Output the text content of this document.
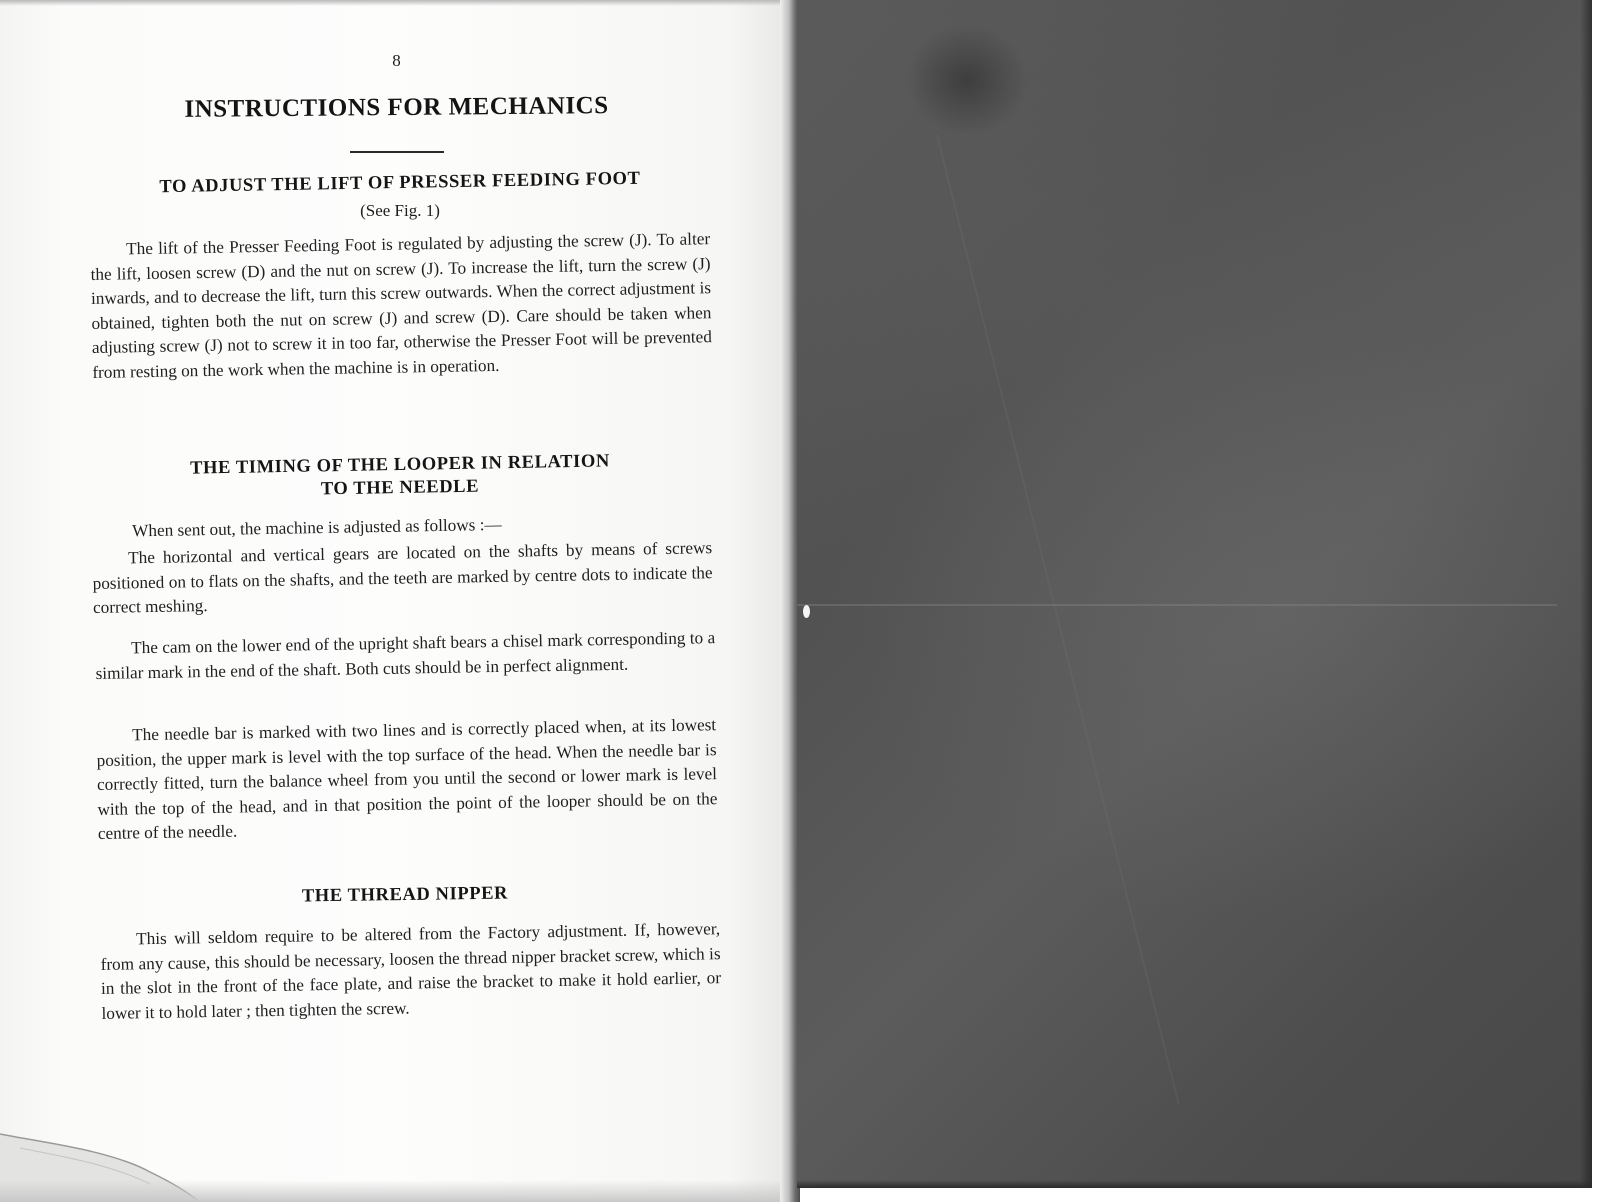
8
INSTRUCTIONS FOR MECHANICS
TO ADJUST THE LIFT OF PRESSER FEEDING FOOT
(See Fig. 1)

The lift of the Presser Feeding Foot is regulated by adjusting the screw (J). To alter the lift, loosen screw (D) and the nut on screw (J). To increase the lift, turn the screw (J) inwards, and to decrease the lift, turn this screw outwards. When the correct adjustment is obtained, tighten both the nut on screw (J) and screw (D). Care should be taken when adjusting screw (J) not to screw it in too far, otherwise the Presser Foot will be prevented from resting on the work when the machine is in operation.

THE TIMING OF THE LOOPER IN RELATION
TO THE NEEDLE

When sent out, the machine is adjusted as follows :—

The horizontal and vertical gears are located on the shafts by means of screws positioned on to flats on the shafts, and the teeth are marked by centre dots to indicate the correct meshing.

The cam on the lower end of the upright shaft bears a chisel mark corresponding to a similar mark in the end of the shaft. Both cuts should be in perfect alignment.

The needle bar is marked with two lines and is correctly placed when, at its lowest position, the upper mark is level with the top surface of the head. When the needle bar is correctly fitted, turn the balance wheel from you until the second or lower mark is level with the top of the head, and in that position the point of the looper should be on the centre of the needle.

THE THREAD NIPPER

This will seldom require to be altered from the Factory adjustment. If, however, from any cause, this should be necessary, loosen the thread nipper bracket screw, which is in the slot in the front of the face plate, and raise the bracket to make it hold earlier, or lower it to hold later ; then tighten the screw.
